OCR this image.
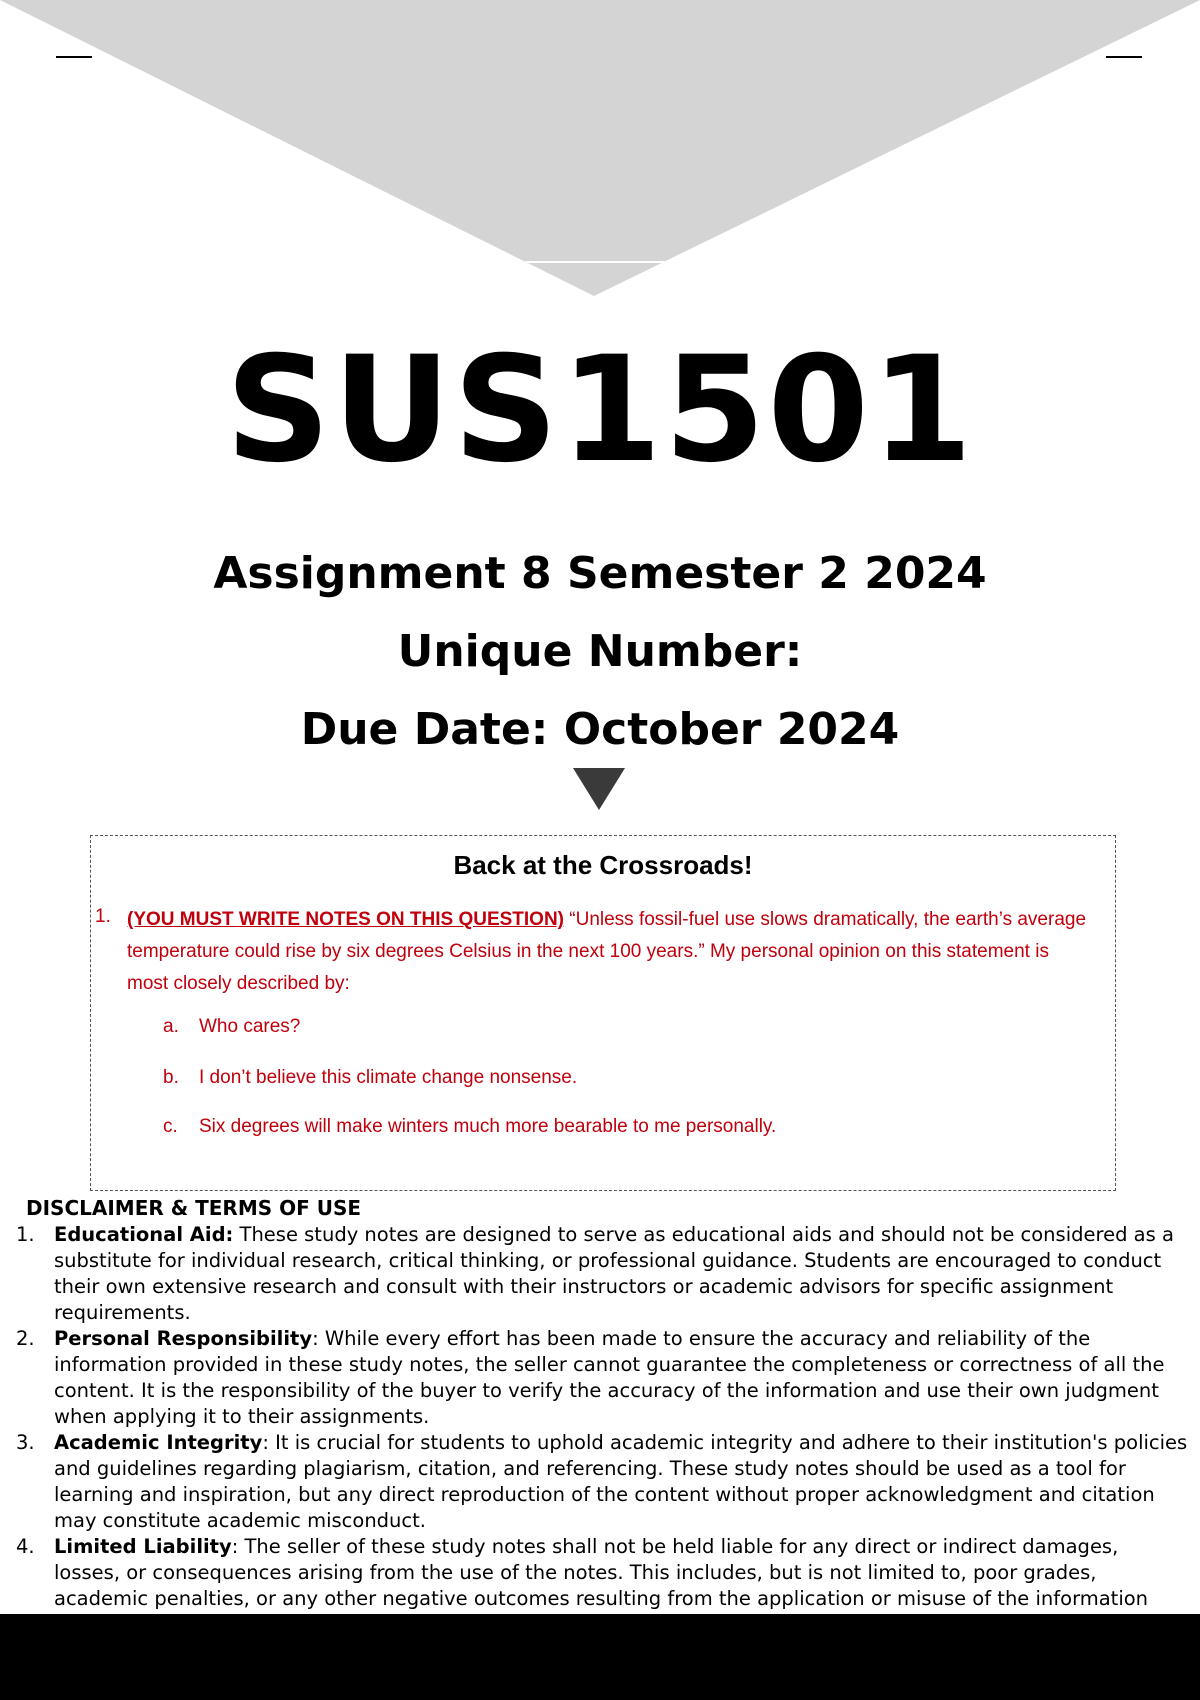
SUS1501
Assignment 8 Semester 2 2024
Unique Number:
Due Date: October 2024
Back at the Crossroads!
1. (YOU MUST WRITE NOTES ON THIS QUESTION) “Unless fossil-fuel use slows dramatically, the earth’s average temperature could rise by six degrees Celsius in the next 100 years.” My personal opinion on this statement is most closely described by:
a. Who cares?
b. I don’t believe this climate change nonsense.
c. Six degrees will make winters much more bearable to me personally.
DISCLAIMER & TERMS OF USE
1. Educational Aid: These study notes are designed to serve as educational aids and should not be considered as a substitute for individual research, critical thinking, or professional guidance. Students are encouraged to conduct their own extensive research and consult with their instructors or academic advisors for specific assignment requirements.
2. Personal Responsibility: While every effort has been made to ensure the accuracy and reliability of the information provided in these study notes, the seller cannot guarantee the completeness or correctness of all the content. It is the responsibility of the buyer to verify the accuracy of the information and use their own judgment when applying it to their assignments.
3. Academic Integrity: It is crucial for students to uphold academic integrity and adhere to their institution's policies and guidelines regarding plagiarism, citation, and referencing. These study notes should be used as a tool for learning and inspiration, but any direct reproduction of the content without proper acknowledgment and citation may constitute academic misconduct.
4. Limited Liability: The seller of these study notes shall not be held liable for any direct or indirect damages, losses, or consequences arising from the use of the notes. This includes, but is not limited to, poor grades, academic penalties, or any other negative outcomes resulting from the application or misuse of the information
